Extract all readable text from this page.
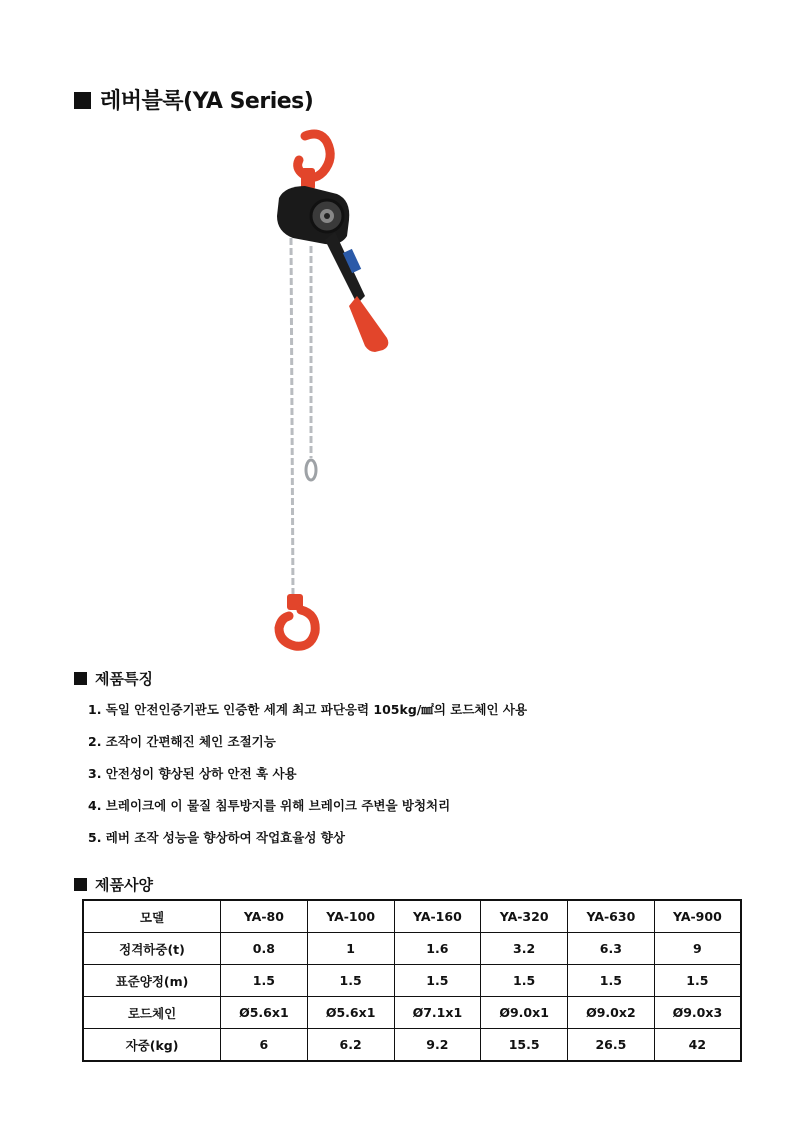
레버블록(YA Series)
제품특징
1. 독일 안전인증기관도 인증한 세계 최고 파단응력 105kg/㎟의 로드체인 사용
2. 조작이 간편해진 체인 조절기능
3. 안전성이 향상된 상하 안전 훅 사용
4. 브레이크에 이 물질 침투방지를 위해 브레이크 주변을 방청처리
5. 레버 조작 성능을 향상하여 작업효율성 향상
제품사양
모델	YA-80	YA-100	YA-160	YA-320	YA-630	YA-900
정격하중(t)	0.8	1	1.6	3.2	6.3	9
표준양정(m)	1.5	1.5	1.5	1.5	1.5	1.5
로드체인	Ø5.6x1	Ø5.6x1	Ø7.1x1	Ø9.0x1	Ø9.0x2	Ø9.0x3
자중(kg)	6	6.2	9.2	15.5	26.5	42
